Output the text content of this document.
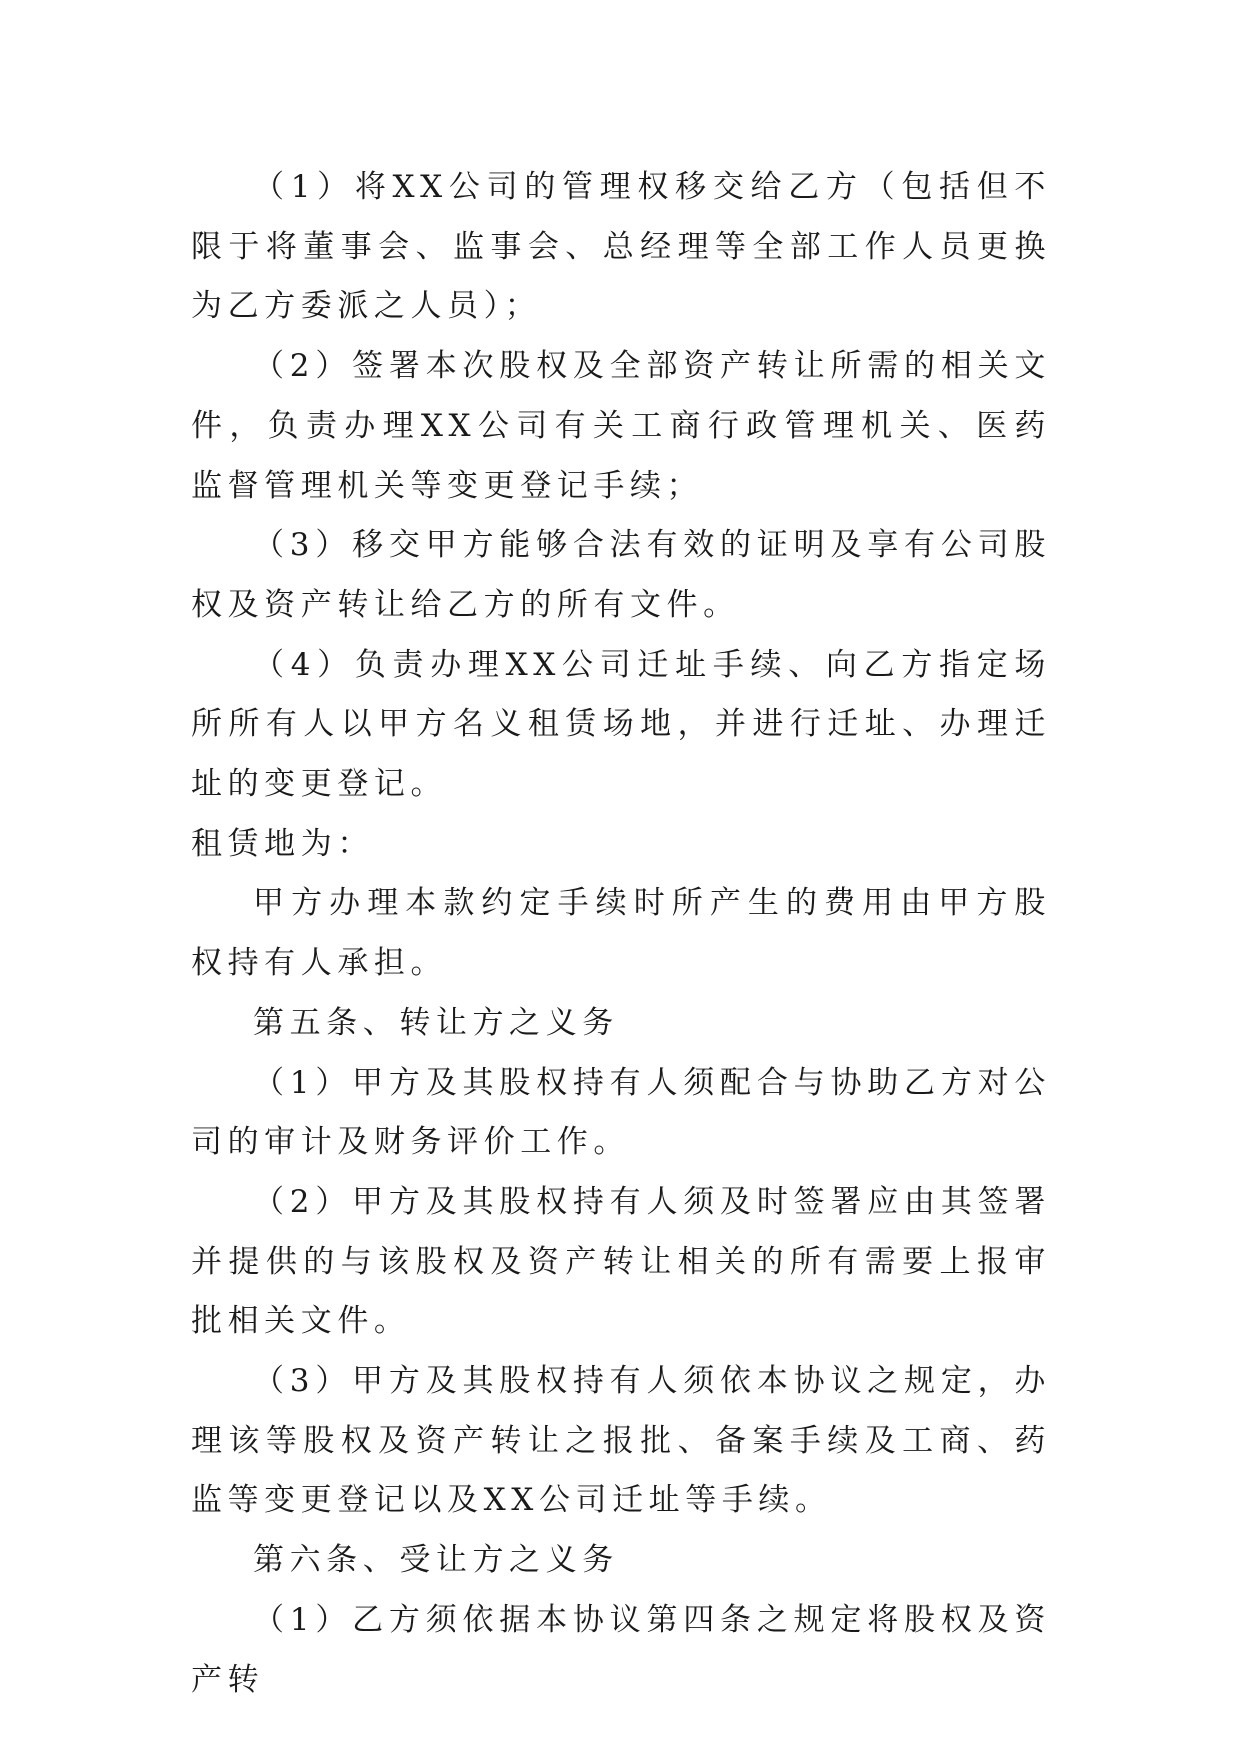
（1）将XX公司的管理权移交给乙方（包括但不限于将董事会、监事会、总经理等全部工作人员更换为乙方委派之人员）；

（2）签署本次股权及全部资产转让所需的相关文件，负责办理XX公司有关工商行政管理机关、医药监督管理机关等变更登记手续；

（3）移交甲方能够合法有效的证明及享有公司股权及资产转让给乙方的所有文件。

（4）负责办理XX公司迁址手续、向乙方指定场所所有人以甲方名义租赁场地，并进行迁址、办理迁址的变更登记。

租赁地为：

甲方办理本款约定手续时所产生的费用由甲方股权持有人承担。

第五条、转让方之义务

（1）甲方及其股权持有人须配合与协助乙方对公司的审计及财务评价工作。

（2）甲方及其股权持有人须及时签署应由其签署并提供的与该股权及资产转让相关的所有需要上报审批相关文件。

（3）甲方及其股权持有人须依本协议之规定，办理该等股权及资产转让之报批、备案手续及工商、药监等变更登记以及XX公司迁址等手续。

第六条、受让方之义务

（1）乙方须依据本协议第四条之规定将股权及资产转
